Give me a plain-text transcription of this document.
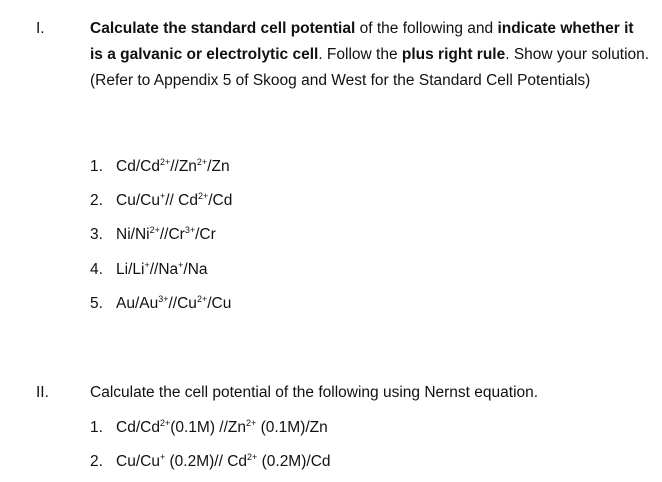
I.	Calculate the standard cell potential of the following and indicate whether it is a galvanic or electrolytic cell. Follow the plus right rule. Show your solution. (Refer to Appendix 5 of Skoog and West for the Standard Cell Potentials)
1. $Cd/Cd^{2+}//Zn^{2+}/Zn$
2. Cu/Cu+// $Cd^{2+}/Cd$
3. $Ni/Ni^{2+}//Cr^{3+}/Cr$
4. Li/Li+//Na+/Na
5. $Au/Au^{3+}//Cu^{2+}/Cu$
II.	Calculate the cell potential of the following using Nernst equation.
1. $Cd/Cd^{2+}(0.1M)$ $//Zn^{2+}$ (0.1M)/Zn
2. Cu/Cu+ (0.2M)// $Cd^{2+}$ (0.2M)/Cd
